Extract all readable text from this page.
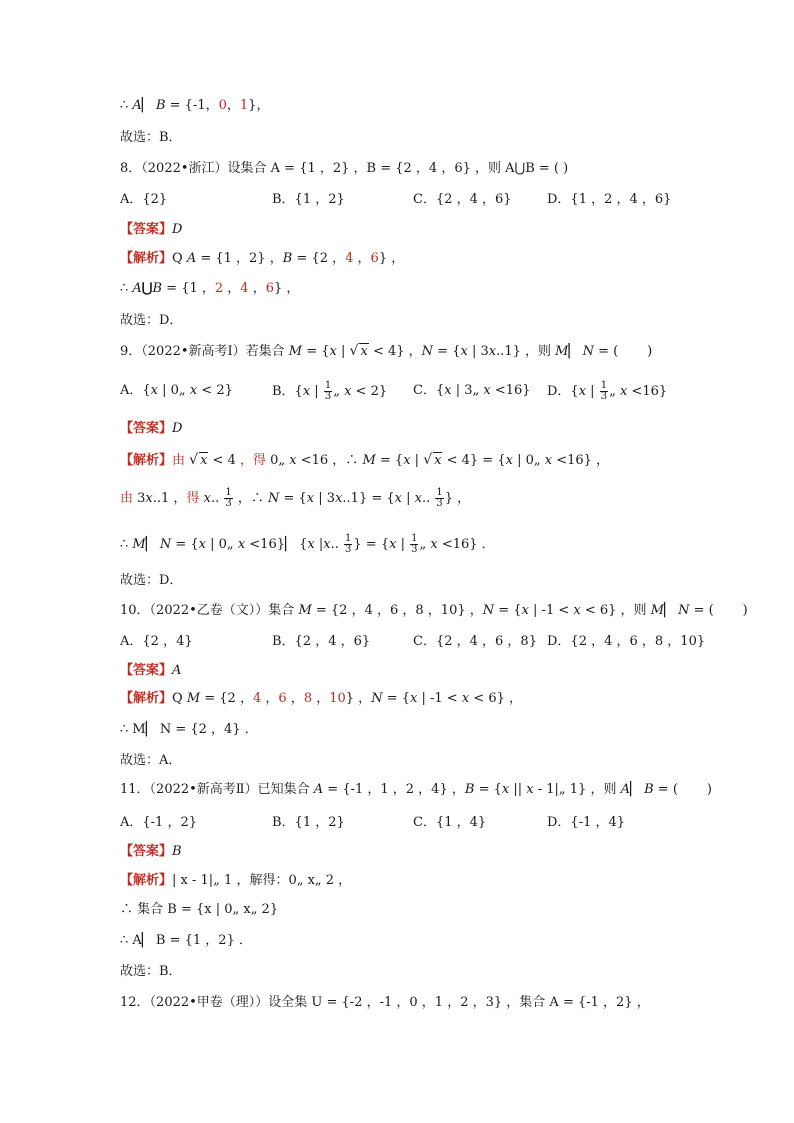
∴ A▏ B = {-1，0，1}，
故选：B．
8．（2022•浙江）设集合 A = {1 ，2} ，B = {2 ，4 ，6} ，则 A⋃B = ( )
A．{2}	B．{1 ，2}	C．{2 ，4 ，6}	D．{1 ，2 ，4 ，6}
【答案】D
【解析】Q A = {1 ，2} ，B = {2 ，4 ，6} ，
∴ A⋃B = {1 ，2 ，4 ，6} ，
故选：D．
9．（2022•新高考Ⅰ）若集合 M = {x | √ x < 4} ，N = {x | 3x..1} ，则 M▏ N = (       )
A．{x | 0„ x < 2}	B．{x | $\frac{1}{3}$ „ x < 2} C．{x | 3„ x <16} D．{x | $\frac{1}{3}$ „ x <16}
【答案】D
【解析】由 √ x < 4 ，得 0„ x <16 ，∴ M = {x | √ x < 4} = {x | 0„ x <16} ，
由 3x..1 ，得 x.. $\frac{1}{3}$ ，∴ N = {x | 3x..1} = {x | x.. $\frac{1}{3}$ } ，
∴ M▏ N = {x | 0„ x <16}▏ {x |x.. $\frac{1}{3}$ } = {x | $\frac{1}{3}$ „ x <16} ．
故选：D．
10．（2022•乙卷（文））集合 M = {2 ，4 ，6 ，8 ，10} ，N = {x | -1 < x < 6} ，则 M▏ N = (       )
A．{2 ，4}	B．{2 ，4 ，6}	C．{2 ，4 ，6 ，8} D．{2 ，4 ，6 ，8 ，10}
【答案】A
【解析】Q M = {2 ，4 ，6 ，8 ，10} ，N = {x | -1 < x < 6} ，
∴ M▏ N = {2 ，4} ．
故选：A．
11．（2022•新高考Ⅱ）已知集合 A = {-1 ，1 ，2 ，4} ，B = {x || x - 1|„ 1} ，则 A▏ B = (       )
A．{-1 ，2}	B．{1 ，2}	C．{1 ，4}	D．{-1 ，4}
【答案】B
【解析】| x - 1|„ 1 ，解得：0„ x„ 2 ，
∴ 集合 B = {x | 0„ x„ 2}
∴ A▏ B = {1 ，2} ．
故选：B．
12．（2022•甲卷（理））设全集 U = {-2 ，-1 ，0 ，1 ，2 ，3} ，集合 A = {-1 ，2} ，
